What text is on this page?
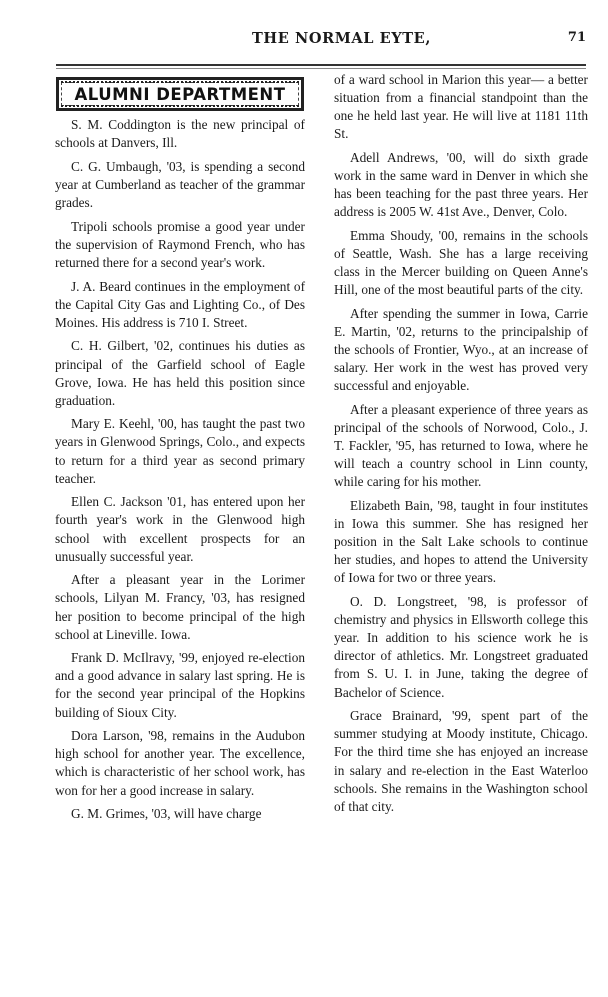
THE NORMAL EYTE,	71
ALUMNI DEPARTMENT

S. M. Coddington is the new principal of schools at Danvers, Ill.

C. G. Umbaugh, '03, is spending a second year at Cumberland as teacher of the grammar grades.

Tripoli schools promise a good year under the supervision of Raymond French, who has returned there for a second year's work.

J. A. Beard continues in the employment of the Capital City Gas and Lighting Co., of Des Moines. His address is 710 I. Street.

C. H. Gilbert, '02, continues his duties as principal of the Garfield school of Eagle Grove, Iowa. He has held this position since graduation.

Mary E. Keehl, '00, has taught the past two years in Glenwood Springs, Colo., and expects to return for a third year as second primary teacher.

Ellen C. Jackson '01, has entered upon her fourth year's work in the Glenwood high school with excellent prospects for an unusually successful year.

After a pleasant year in the Lorimer schools, Lilyan M. Francy, '03, has resigned her position to become principal of the high school at Lineville. Iowa.

Frank D. McIlravy, '99, enjoyed re-election and a good advance in salary last spring. He is for the second year principal of the Hopkins building of Sioux City.

Dora Larson, '98, remains in the Audubon high school for another year. The excellence, which is characteristic of her school work, has won for her a good increase in salary.

G. M. Grimes, '03, will have charge

of a ward school in Marion this year— a better situation from a financial standpoint than the one he held last year. He will live at 1181 11th St.

Adell Andrews, '00, will do sixth grade work in the same ward in Denver in which she has been teaching for the past three years. Her address is 2005 W. 41st Ave., Denver, Colo.

Emma Shoudy, '00, remains in the schools of Seattle, Wash. She has a large receiving class in the Mercer building on Queen Anne's Hill, one of the most beautiful parts of the city.

After spending the summer in Iowa, Carrie E. Martin, '02, returns to the principalship of the schools of Frontier, Wyo., at an increase of salary. Her work in the west has proved very successful and enjoyable.

After a pleasant experience of three years as principal of the schools of Norwood, Colo., J. T. Fackler, '95, has returned to Iowa, where he will teach a country school in Linn county, while caring for his mother.

Elizabeth Bain, '98, taught in four institutes in Iowa this summer. She has resigned her position in the Salt Lake schools to continue her studies, and hopes to attend the University of Iowa for two or three years.

O. D. Longstreet, '98, is professor of chemistry and physics in Ellsworth college this year. In addition to his science work he is director of athletics. Mr. Longstreet graduated from S. U. I. in June, taking the degree of Bachelor of Science.

Grace Brainard, '99, spent part of the summer studying at Moody institute, Chicago. For the third time she has enjoyed an increase in salary and re-election in the East Waterloo schools. She remains in the Washington school of that city.
